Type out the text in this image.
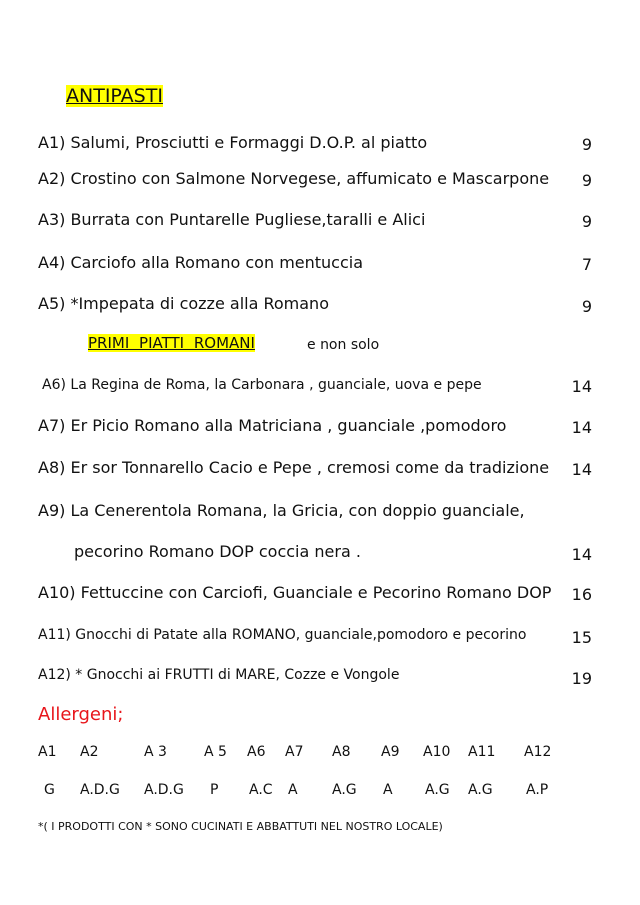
ANTIPASTI
A1) Salumi, Prosciutti e Formaggi D.O.P. al piatto	9
A2) Crostino con Salmone Norvegese, affumicato e Mascarpone	9
A3) Burrata con Puntarelle Pugliese,taralli e Alici	9
A4) Carciofo alla Romano con mentuccia	7
A5) *Impepata di cozze alla Romano	9
PRIMI PIATTI ROMANI	e non solo
A6) La Regina de Roma, la Carbonara , guanciale, uova e pepe	14
A7) Er Picio Romano alla Matriciana , guanciale ,pomodoro	14
A8) Er sor Tonnarello Cacio e Pepe , cremosi come da tradizione	14
A9) La Cenerentola Romana, la Gricia, con doppio guanciale,
pecorino Romano DOP coccia nera .	14
A10) Fettuccine con Carciofi, Guanciale e Pecorino Romano DOP	16
A11) Gnocchi di Patate alla ROMANO, guanciale,pomodoro e pecorino	15
A12) * Gnocchi ai FRUTTI di MARE, Cozze e Vongole	19
Allergeni;
A1 A2	A 3	A 5 A6 A7 A8 A9 A10 A11 A12
G A.D.G A.D.G P A.C A A.G A A.G A.G A.P
*( I PRODOTTI CON * SONO CUCINATI E ABBATTUTI NEL NOSTRO LOCALE)
